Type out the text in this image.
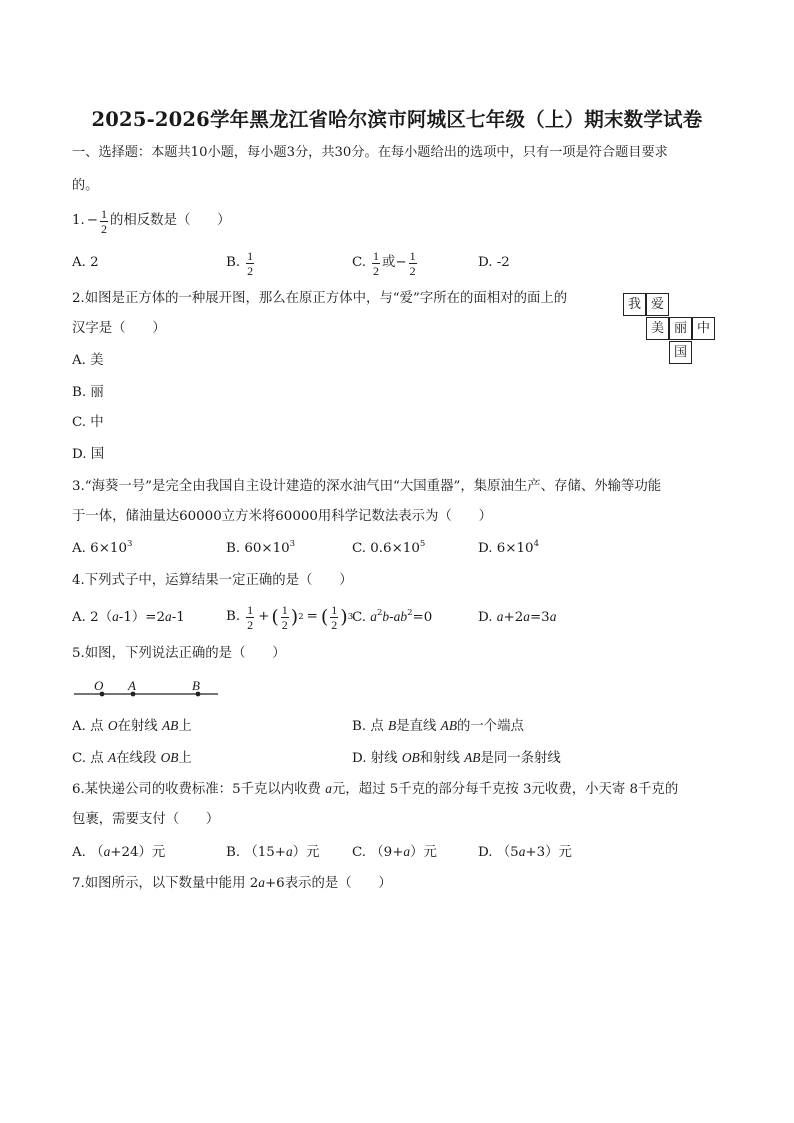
2025-2026学年黑龙江省哈尔滨市阿城区七年级（上）期末数学试卷
一、选择题：本题共10小题，每小题3分，共30分。在每小题给出的选项中，只有一项是符合题目要求
的。
1. − $\frac{1}{2}$ 的相反数是（　　）
A. 2	B. $\frac{1}{2}$	C. $\frac{1}{2}$ 或 − $\frac{1}{2}$	D. -2
2.如图是正方体的一种展开图，那么在原正方体中，与“爱”字所在的面相对的面上的
汉字是（　　）
A. 美
B. 丽
C. 中
D. 国
我 爱
美 丽 中
国
3.“海葵一号”是完全由我国自主设计建造的深水油气田“大国重器”，集原油生产、存储、外输等功能
于一体，储油量达60000立方米将60000用科学记数法表示为（　　）
A. $6\times 10^3$	B. $60\times 10^3$	C. $0.6\times 10^5$	D. $6\times 10^4$
4.下列式子中，运算结果一定正确的是（　　）
A. 2（a-1）=2a-1	B. $\frac{1}{2}$ + ( $\frac{1}{2}$ ) 2 = ( $\frac{1}{2}$ ) 3
C. $a^2b-ab^2=0$	D. a+2a=3a
5.如图，下列说法正确的是（　　）
O A	B
A. 点 O在射线 AB上	B. 点 B是直线 AB的一个端点
C. 点 A在线段 OB上	D. 射线 OB和射线 AB是同一条射线
6.某快递公司的收费标准：5千克以内收费 a元，超过 5千克的部分每千克按 3元收费，小天寄 8千克的
包裹，需要支付（　　）
A. （a+24）元	B. （15+a）元 C. （9+a）元	D. （5a+3）元
7.如图所示，以下数量中能用 2a+6表示的是（　　）
